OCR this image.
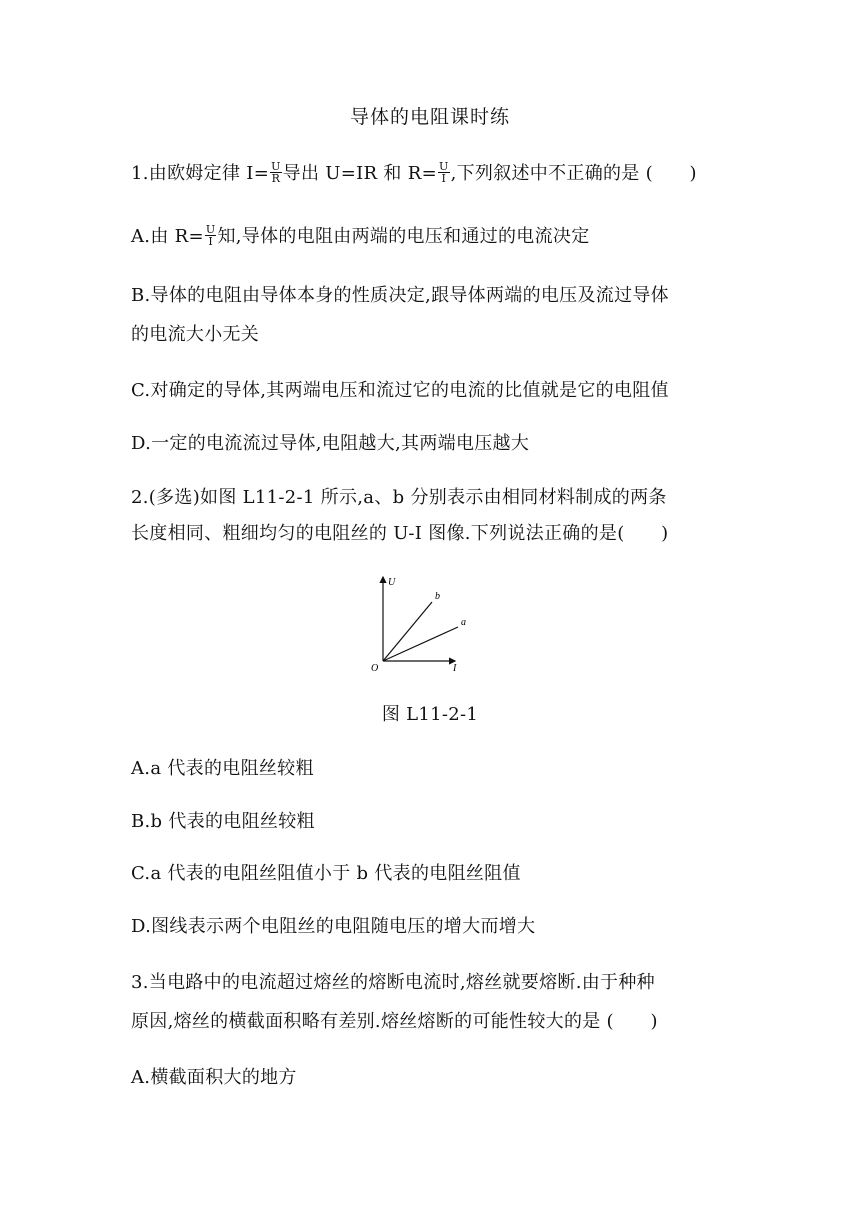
导体的电阻课时练
1.由欧姆定律 $I= \frac{U}{R}$ 导出 U=IR 和 $R= \frac{U}{I}$ ,下列叙述中不正确的是 (　　)
A.由 $R= \frac{U}{I}$ 知,导体的电阻由两端的电压和通过的电流决定
B.导体的电阻由导体本身的性质决定,跟导体两端的电压及流过导体
的电流大小无关
C.对确定的导体,其两端电压和流过它的电流的比值就是它的电阻值
D.一定的电流流过导体,电阻越大,其两端电压越大
2.(多选)如图 L11-2-1 所示,a、b 分别表示由相同材料制成的两条
长度相同、粗细均匀的电阻丝的 U-I 图像.下列说法正确的是(　　)
U
I
O
b
a
图 L11-2-1
A.a 代表的电阻丝较粗
B.b 代表的电阻丝较粗
C.a 代表的电阻丝阻值小于 b 代表的电阻丝阻值
D.图线表示两个电阻丝的电阻随电压的增大而增大
3.当电路中的电流超过熔丝的熔断电流时,熔丝就要熔断.由于种种
原因,熔丝的横截面积略有差别.熔丝熔断的可能性较大的是 (　　)
A.横截面积大的地方
